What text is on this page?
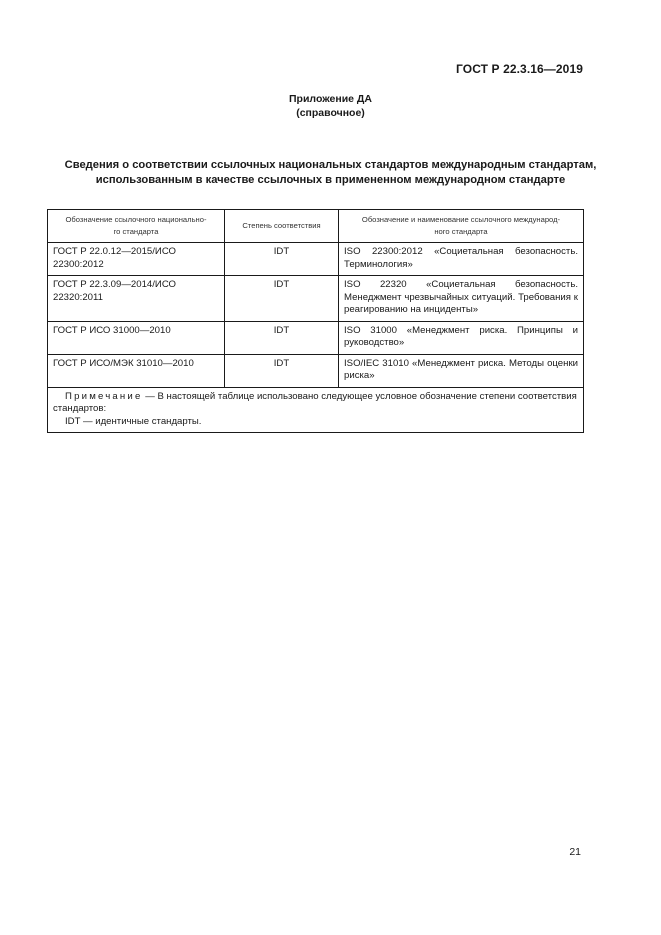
ГОСТ Р 22.3.16—2019
Приложение ДА
(справочное)
Сведения о соответствии ссылочных национальных стандартов международным стандартам,
использованным в качестве ссылочных в примененном международном стандарте
Обозначение ссылочного национально-
го стандарта	Степень соответствия	Обозначение и наименование ссылочного международ-
ного стандарта
ГОСТ Р 22.0.12—2015/ИСО 22300:2012	IDT	ISO 22300:2012 «Социетальная безопасность. Терминология»
ГОСТ Р 22.3.09—2014/ИСО 22320:2011	IDT	ISO 22320 «Социетальная безопасность. Менеджмент чрезвычайных ситуаций. Требования к реагированию на инциденты»
ГОСТ Р ИСО 31000—2010	IDT	ISO 31000 «Менеджмент риска. Принципы и руководство»
ГОСТ Р ИСО/МЭК 31010—2010	IDT	ISO/IEC 31010 «Менеджмент риска. Методы оценки риска»
Примечание — В настоящей таблице использовано следующее условное обозначение степени соответствия стандартов:
IDT — идентичные стандарты.		
21
